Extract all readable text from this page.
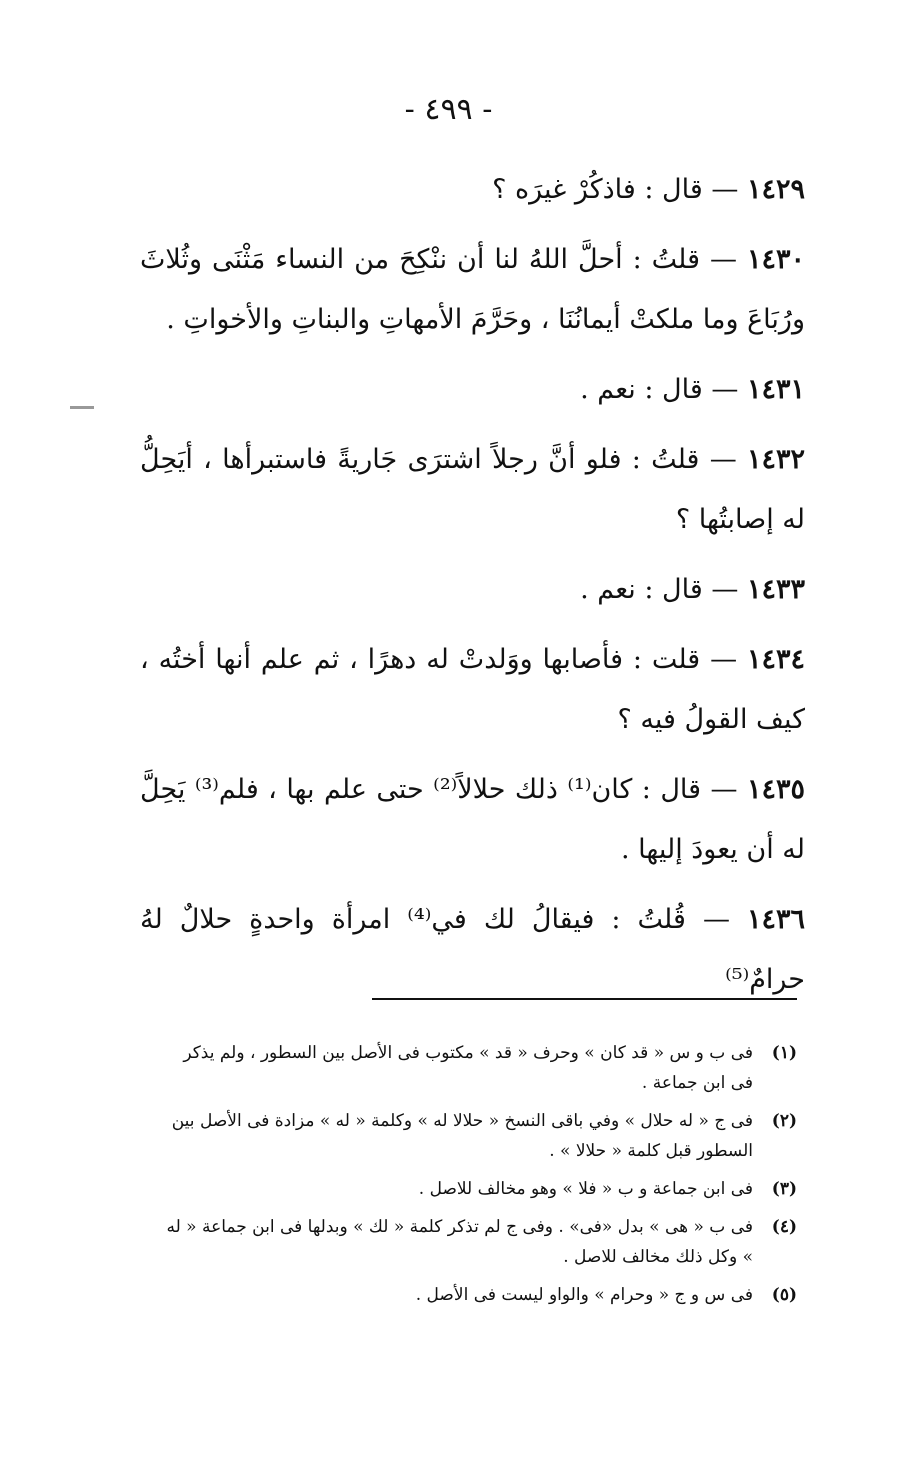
- ٤٩٩ -

١٤٢٩ — قال : فاذكُرْ غيرَه ؟

١٤٣٠ — قلتُ : أحلَّ اللهُ لنا أن ننْكِحَ من النساء مَثْنَى وثُلاثَ ورُبَاعَ وما ملكتْ أيمانُنَا ، وحَرَّمَ الأمهاتِ والبناتِ والأخواتِ .

١٤٣١ — قال : نعم .

١٤٣٢ — قلتُ : فلو أنَّ رجلاً اشترَى جَاريةً فاستبرأها ، أيَحِلُّ له إصابتُها ؟

١٤٣٣ — قال : نعم .

١٤٣٤ — قلت : فأصابها ووَلدتْ له دهرًا ، ثم علم أنها أختُه ، كيف القولُ فيه ؟

١٤٣٥ — قال : كان⁽¹⁾ ذلك حلالاً⁽²⁾ حتى علم بها ، فلم⁽³⁾ يَحِلَّ له أن يعودَ إليها .

١٤٣٦ — قُلتُ : فيقالُ لك في⁽⁴⁾ امرأة واحدةٍ حلالٌ لهُ حرامٌ⁽⁵⁾

(١)
فى ب و س « قد كان » وحرف « قد » مكتوب فى الأصل بين السطور ، ولم يذكر فى ابن جماعة .
(٢)
فى ج « له حلال » وفي باقى النسخ « حلالا له » وكلمة « له » مزادة فى الأصل بين السطور قبل كلمة « حلالا » .
(٣)
فى ابن جماعة و ب « فلا » وهو مخالف للاصل .
(٤)
فى ب « هى » بدل «فى» . وفى ج لم تذكر كلمة « لك » وبدلها فى ابن جماعة « له » وكل ذلك مخالف للاصل .
(٥)
فى س و ج « وحرام » والواو ليست فى الأصل .
